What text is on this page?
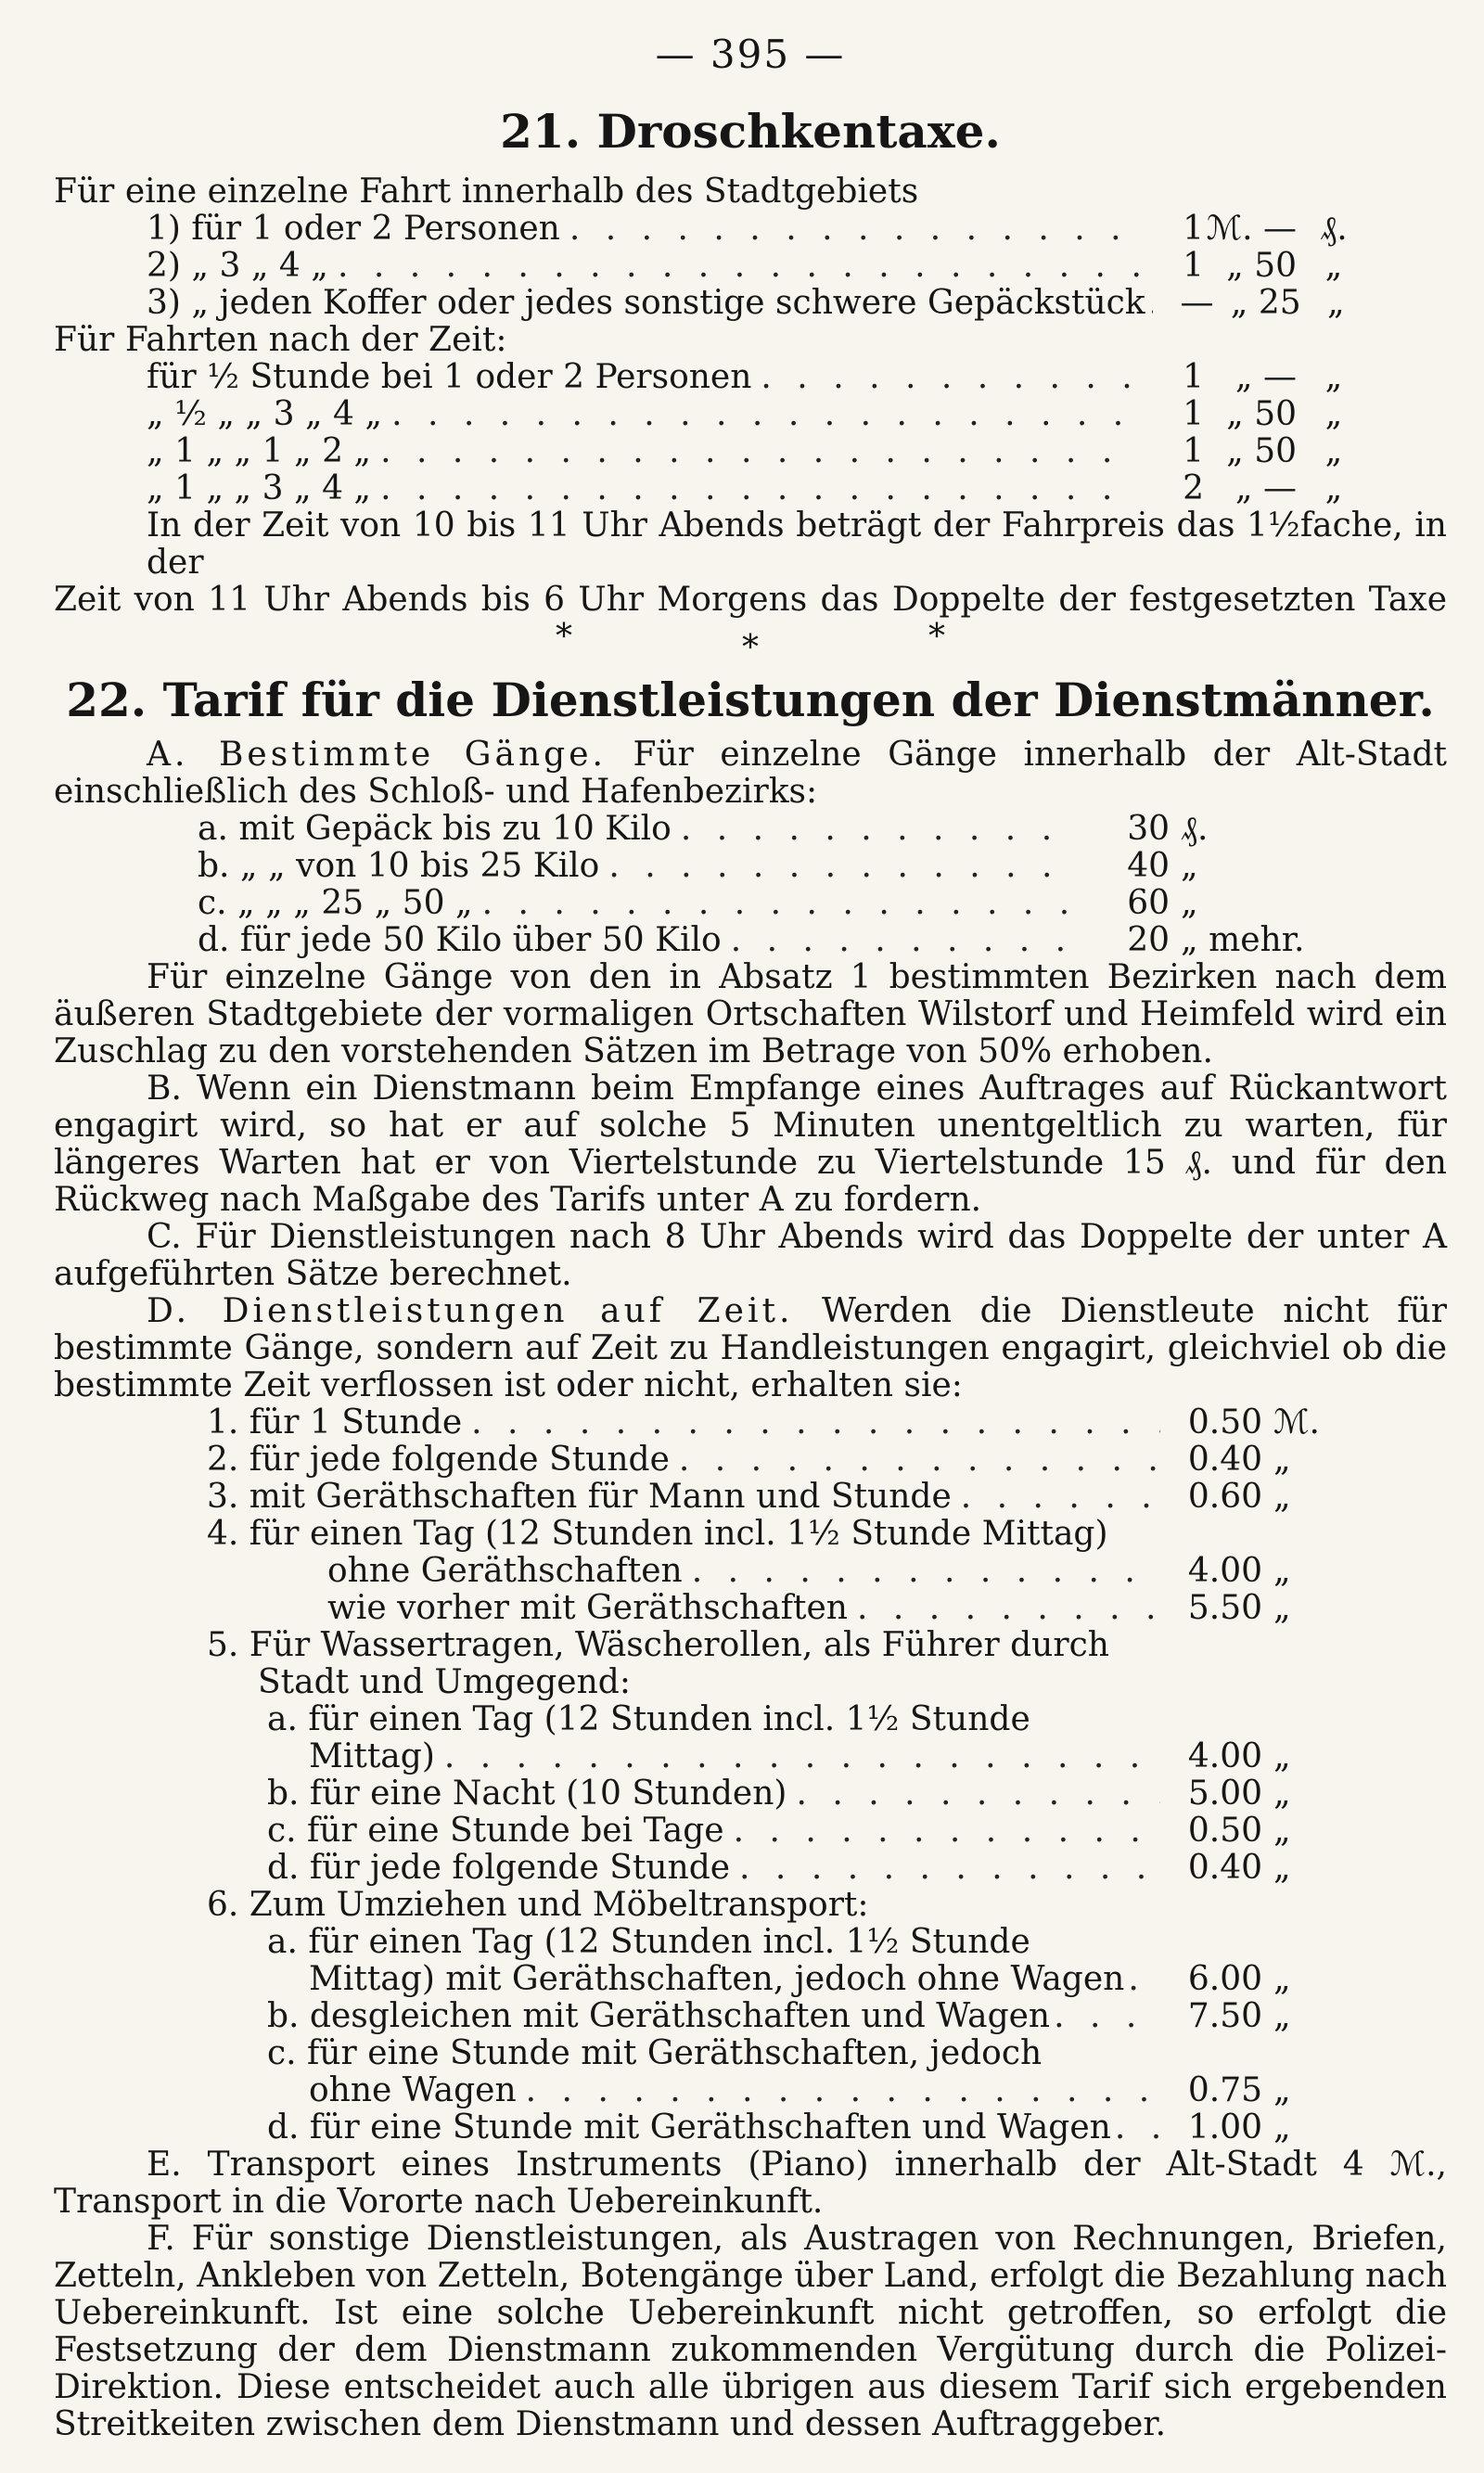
— 395 —
21. Droschkentaxe.
Für eine einzelne Fahrt innerhalb des Stadtgebiets
1) für 1 oder 2 Personen . . .	1 ℳ. — ₰.
2) „ 3 „ 4 „ . . .	1 „ 50 „
3) „ jeden Koffer oder jedes sonstige schwere Gepäckstück . . .	— „ 25 „
Für Fahrten nach der Zeit:
für ½ Stunde bei 1 oder 2 Personen . . .	1 „ — „
„ ½ „ „ 3 „ 4 „ . . .	1 „ 50 „
„ 1 „ „ 1 „ 2 „ . . .	1 „ 50 „
„ 1 „ „ 3 „ 4 „ . . .	2 „ — „
In der Zeit von 10 bis 11 Uhr Abends beträgt der Fahrpreis das 1½fache, in der
Zeit von 11 Uhr Abends bis 6 Uhr Morgens das Doppelte der festgesetzten Taxe
*	*	*
22. Tarif für die Dienstleistungen der Dienstmänner.
A. Bestimmte Gänge. Für einzelne Gänge innerhalb der Alt-Stadt einschließlich des Schloß- und Hafenbezirks:
a. mit Gepäck bis zu 10 Kilo . . .	30 ₰.
b. „ „ von 10 bis 25 Kilo . . .	40 „
c. „ „ „ 25 „ 50 „ . . .	60 „
d. für jede 50 Kilo über 50 Kilo . . .	20 „ mehr.
Für einzelne Gänge von den in Absatz 1 bestimmten Bezirken nach dem äußeren Stadtgebiete der vormaligen Ortschaften Wilstorf und Heimfeld wird ein Zuschlag zu den vorstehenden Sätzen im Betrage von 50% erhoben.
B. Wenn ein Dienstmann beim Empfange eines Auftrages auf Rückantwort engagirt wird, so hat er auf solche 5 Minuten unentgeltlich zu warten, für längeres Warten hat er von Viertelstunde zu Viertelstunde 15 ₰. und für den Rückweg nach Maßgabe des Tarifs unter A zu fordern.
C. Für Dienstleistungen nach 8 Uhr Abends wird das Doppelte der unter A aufgeführten Sätze berechnet.
D. Dienstleistungen auf Zeit. Werden die Dienstleute nicht für bestimmte Gänge, sondern auf Zeit zu Handleistungen engagirt, gleichviel ob die bestimmte Zeit verflossen ist oder nicht, erhalten sie:
1. für 1 Stunde . . .	0.50 ℳ.
2. für jede folgende Stunde . . .	0.40 „
3. mit Geräthschaften für Mann und Stunde . . .	0.60 „
4. für einen Tag (12 Stunden incl. 1½ Stunde Mittag)
ohne Geräthschaften . . .	4.00 „
wie vorher mit Geräthschaften . . .	5.50 „
5. Für Wassertragen, Wäscherollen, als Führer durch
Stadt und Umgegend:
a. für einen Tag (12 Stunden incl. 1½ Stunde
Mittag) . . .	4.00 „
b. für eine Nacht (10 Stunden) . . .	5.00 „
c. für eine Stunde bei Tage . . .	0.50 „
d. für jede folgende Stunde . . .	0.40 „
6. Zum Umziehen und Möbeltransport:
a. für einen Tag (12 Stunden incl. 1½ Stunde
Mittag) mit Geräthschaften, jedoch ohne Wagen . . .	6.00 „
b. desgleichen mit Geräthschaften und Wagen . . .	7.50 „
c. für eine Stunde mit Geräthschaften, jedoch
ohne Wagen . . .	0.75 „
d. für eine Stunde mit Geräthschaften und Wagen . . .	1.00 „
E. Transport eines Instruments (Piano) innerhalb der Alt-Stadt 4 ℳ., Transport in die Vororte nach Uebereinkunft.
F. Für sonstige Dienstleistungen, als Austragen von Rechnungen, Briefen, Zetteln, Ankleben von Zetteln, Botengänge über Land, erfolgt die Bezahlung nach Uebereinkunft. Ist eine solche Uebereinkunft nicht getroffen, so erfolgt die Festsetzung der dem Dienstmann zukommenden Vergütung durch die Polizei-Direktion. Diese entscheidet auch alle übrigen aus diesem Tarif sich ergebenden Streitkeiten zwischen dem Dienstmann und dessen Auftraggeber.
